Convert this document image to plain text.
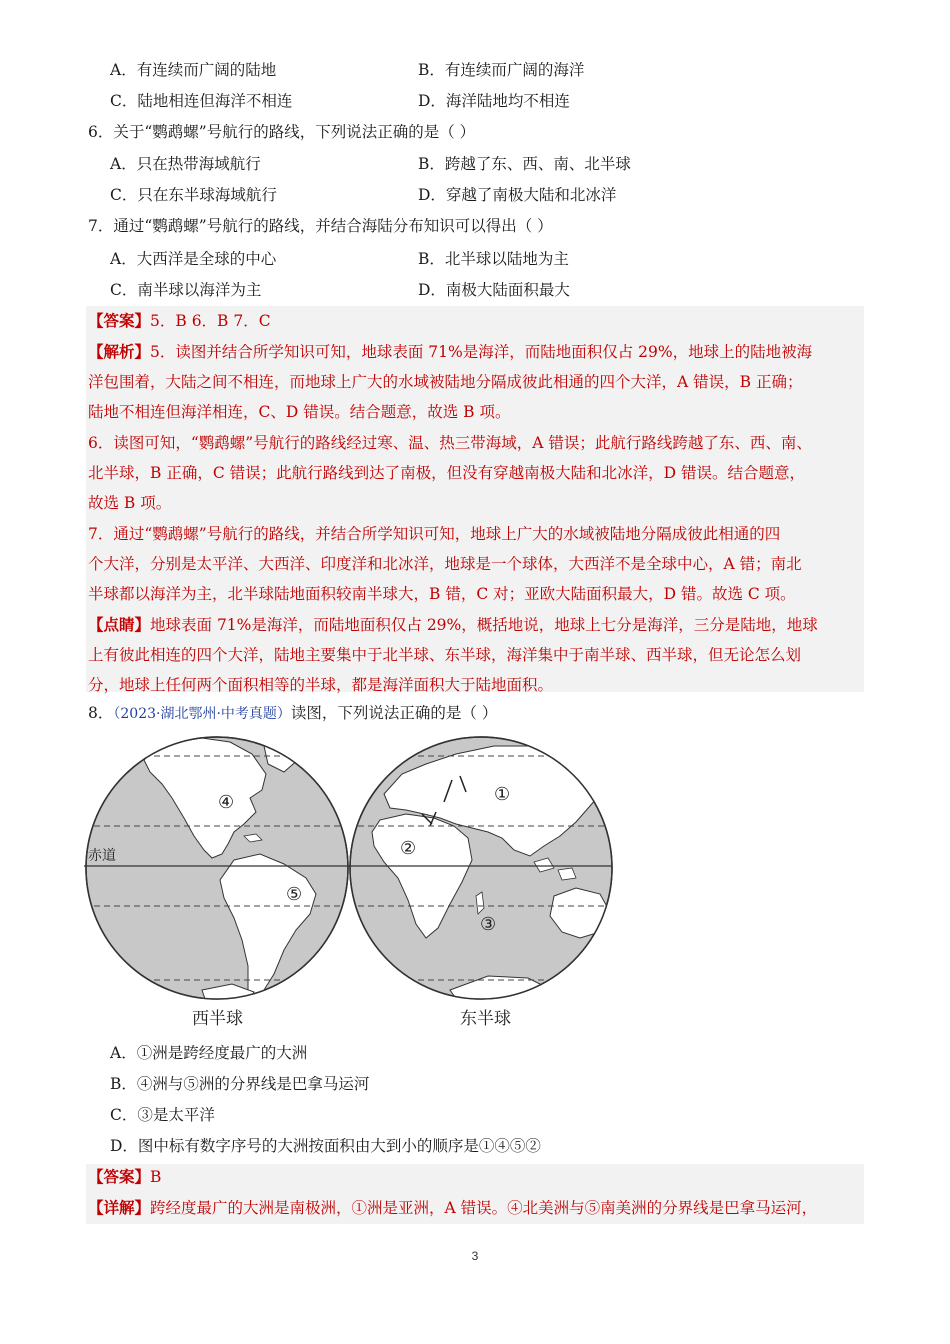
A．有连续而广阔的陆地	B．有连续而广阔的海洋
C．陆地相连但海洋不相连	D．海洋陆地均不相连
6．关于“鹦鹉螺”号航行的路线，下列说法正确的是（ ）
A．只在热带海域航行	B．跨越了东、西、南、北半球
C．只在东半球海域航行	D．穿越了南极大陆和北冰洋
7．通过“鹦鹉螺”号航行的路线，并结合海陆分布知识可以得出（ ）
A．大西洋是全球的中心	B．北半球以陆地为主
C．南半球以海洋为主	D．南极大陆面积最大
【答案】5．B 6．B 7．C
【解析】5．读图并结合所学知识可知，地球表面 71%是海洋，而陆地面积仅占 29%，地球上的陆地被海
洋包围着，大陆之间不相连，而地球上广大的水域被陆地分隔成彼此相通的四个大洋，A 错误，B 正确；
陆地不相连但海洋相连，C、D 错误。结合题意，故选 B 项。
6．读图可知，“鹦鹉螺”号航行的路线经过寒、温、热三带海域，A 错误；此航行路线跨越了东、西、南、
北半球，B 正确，C 错误；此航行路线到达了南极，但没有穿越南极大陆和北冰洋，D 错误。结合题意，
故选 B 项。
7．通过“鹦鹉螺”号航行的路线，并结合所学知识可知，地球上广大的水域被陆地分隔成彼此相通的四
个大洋，分别是太平洋、大西洋、印度洋和北冰洋，地球是一个球体，大西洋不是全球中心，A 错；南北
半球都以海洋为主，北半球陆地面积较南半球大，B 错，C 对；亚欧大陆面积最大，D 错。故选 C 项。
【点睛】地球表面 71%是海洋，而陆地面积仅占 29%，概括地说，地球上七分是海洋，三分是陆地，地球
上有彼此相连的四个大洋，陆地主要集中于北半球、东半球，海洋集中于南半球、西半球，但无论怎么划
分，地球上任何两个面积相等的半球，都是海洋面积大于陆地面积。
8．（2023·湖北鄂州·中考真题）读图，下列说法正确的是（ ）
赤道
④
⑤
①
②
③
西半球	东半球
A．①洲是跨经度最广的大洲
B．④洲与⑤洲的分界线是巴拿马运河
C．③是太平洋
D．图中标有数字序号的大洲按面积由大到小的顺序是①④⑤②
【答案】B
【详解】跨经度最广的大洲是南极洲，①洲是亚洲，A 错误。④北美洲与⑤南美洲的分界线是巴拿马运河，
3
